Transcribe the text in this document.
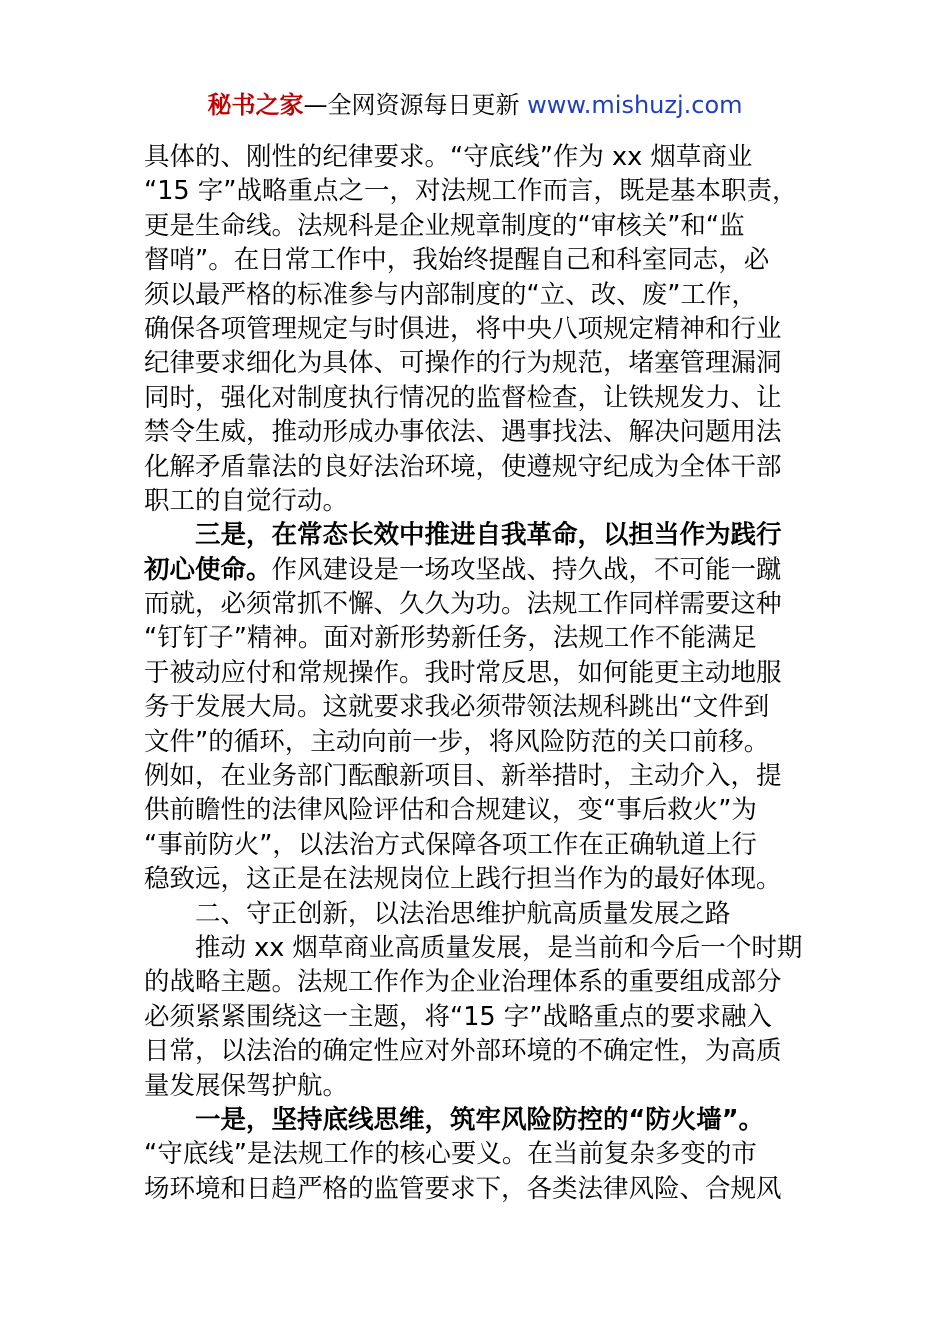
秘书之家—全网资源每日更新 www.mishuzj.com
具体的、刚性的纪律要求。“守底线”作为 xx 烟草商业
“15 字”战略重点之一，对法规工作而言，既是基本职责，
更是生命线。法规科是企业规章制度的“审核关”和“监
督哨”。在日常工作中，我始终提醒自己和科室同志，必
须以最严格的标准参与内部制度的“立、改、废”工作，
确保各项管理规定与时俱进，将中央八项规定精神和行业
纪律要求细化为具体、可操作的行为规范，堵塞管理漏洞
同时，强化对制度执行情况的监督检查，让铁规发力、让
禁令生威，推动形成办事依法、遇事找法、解决问题用法
化解矛盾靠法的良好法治环境，使遵规守纪成为全体干部
职工的自觉行动。
三是，在常态长效中推进自我革命，以担当作为践行
初心使命。作风建设是一场攻坚战、持久战，不可能一蹴
而就，必须常抓不懈、久久为功。法规工作同样需要这种
“钉钉子”精神。面对新形势新任务，法规工作不能满足
于被动应付和常规操作。我时常反思，如何能更主动地服
务于发展大局。这就要求我必须带领法规科跳出“文件到
文件”的循环，主动向前一步，将风险防范的关口前移。
例如，在业务部门酝酿新项目、新举措时，主动介入，提
供前瞻性的法律风险评估和合规建议，变“事后救火”为
“事前防火”，以法治方式保障各项工作在正确轨道上行
稳致远，这正是在法规岗位上践行担当作为的最好体现。
二、守正创新，以法治思维护航高质量发展之路
推动 xx 烟草商业高质量发展，是当前和今后一个时期
的战略主题。法规工作作为企业治理体系的重要组成部分
必须紧紧围绕这一主题，将“15 字”战略重点的要求融入
日常，以法治的确定性应对外部环境的不确定性，为高质
量发展保驾护航。
一是，坚持底线思维，筑牢风险防控的“防火墙”。
“守底线”是法规工作的核心要义。在当前复杂多变的市
场环境和日趋严格的监管要求下，各类法律风险、合规风
